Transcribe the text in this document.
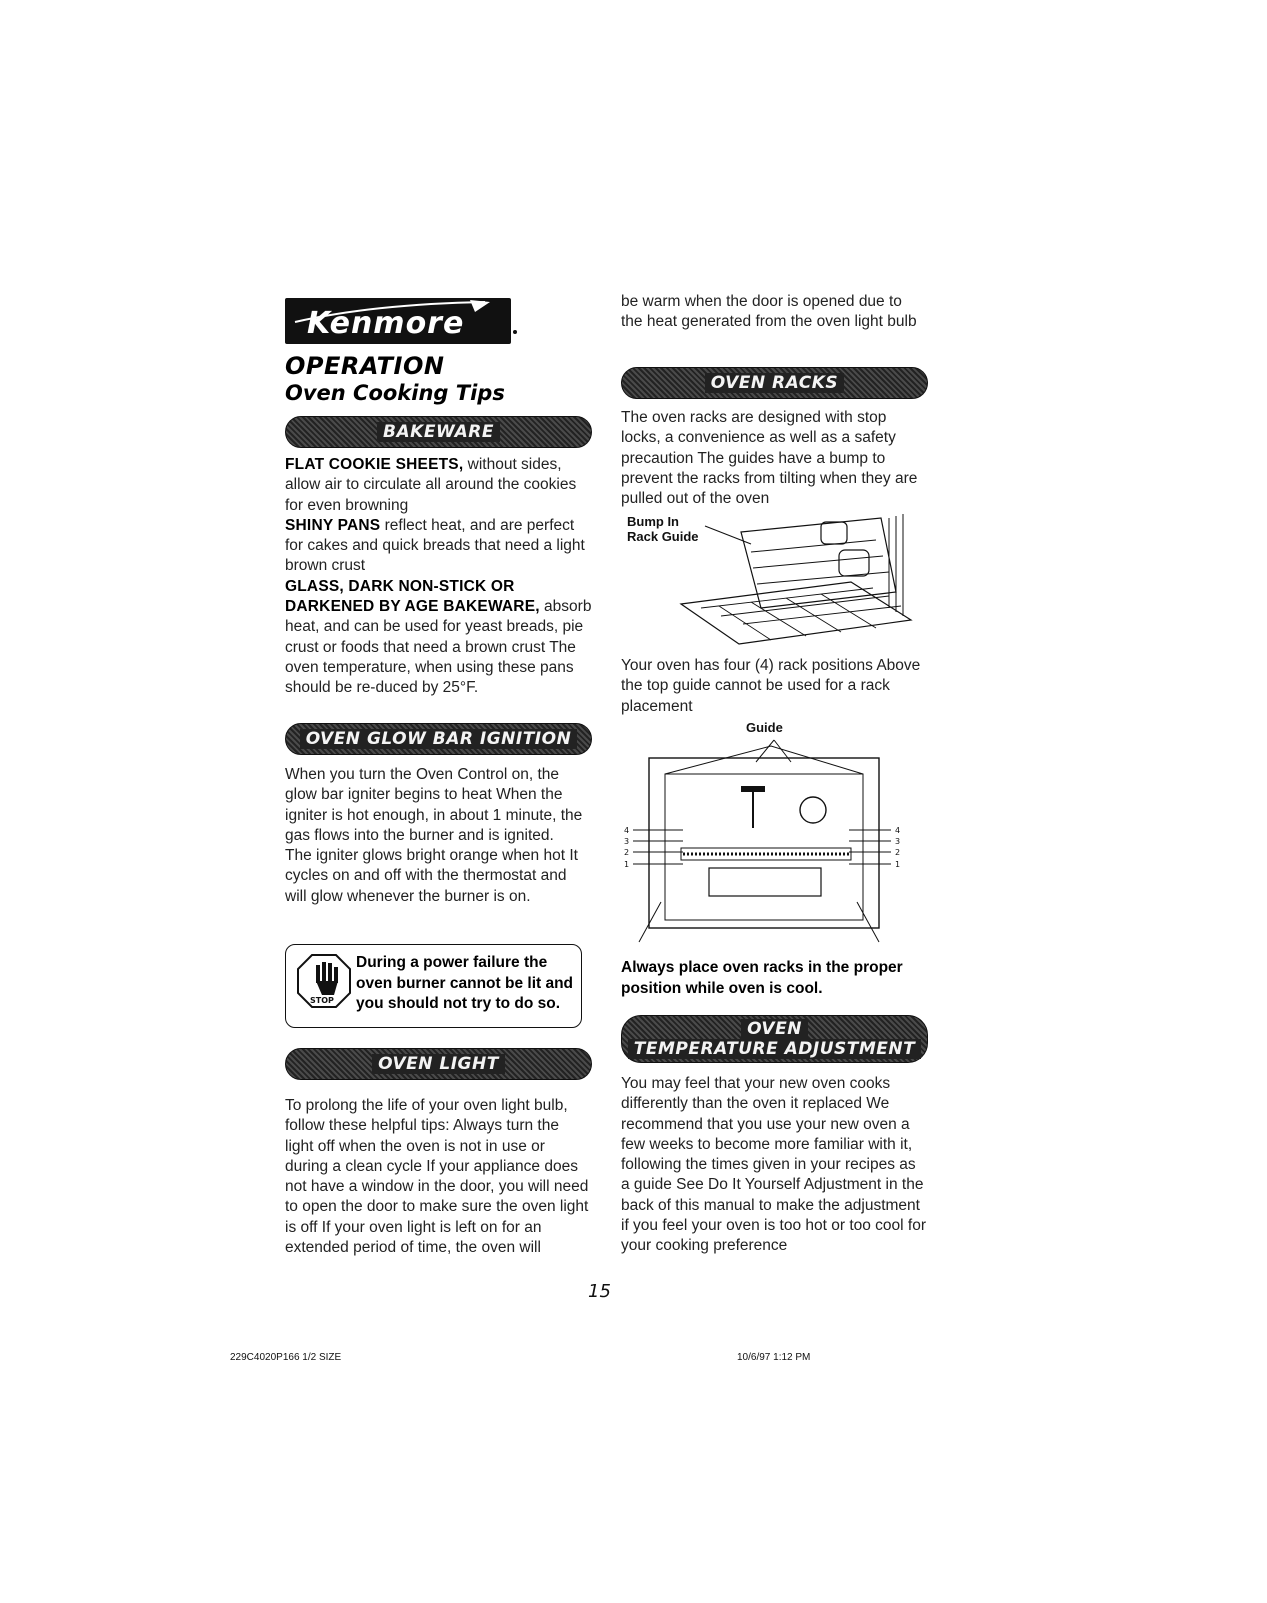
Kenmore
OPERATION
Oven Cooking Tips
BAKEWARE

FLAT COOKIE SHEETS, without sides, allow air to circulate all around the cookies for even browning

SHINY PANS reflect heat, and are perfect for cakes and quick breads that need a light brown crust

GLASS, DARK NON-STICK OR DARKENED BY AGE BAKEWARE, absorb heat, and can be used for yeast breads, pie crust or foods that need a brown crust The oven temperature, when using these pans should be re-duced by 25°F.

OVEN GLOW BAR IGNITION

When you turn the Oven Control on, the glow bar igniter begins to heat When the igniter is hot enough, in about 1 minute, the gas flows into the burner and is ignited.

The igniter glows bright orange when hot It cycles on and off with the thermostat and will glow whenever the burner is on.

STOP
During a power failure the oven burner cannot be lit and you should not try to do so.
OVEN LIGHT

To prolong the life of your oven light bulb, follow these helpful tips: Always turn the light off when the oven is not in use or during a clean cycle If your appliance does not have a window in the door, you will need to open the door to make sure the oven light is off If your oven light is left on for an extended period of time, the oven will

be warm when the door is opened due to the heat generated from the oven light bulb

OVEN RACKS

The oven racks are designed with stop locks, a convenience as well as a safety precaution The guides have a bump to prevent the racks from tilting when they are pulled out of the oven

Bump In Rack Guide

Your oven has four (4) rack positions Above the top guide cannot be used for a rack placement

Guide
4
3
2
1
4
3
2
1
Always place oven racks in the proper position while oven is cool.
OVEN
TEMPERATURE ADJUSTMENT

You may feel that your new oven cooks differently than the oven it replaced We recommend that you use your new oven a few weeks to become more familiar with it, following the times given in your recipes as a guide See Do It Yourself Adjustment in the back of this manual to make the adjustment if you feel your oven is too hot or too cool for your cooking preference

15
229C4020P166 1/2 SIZE	10/6/97 1:12 PM
